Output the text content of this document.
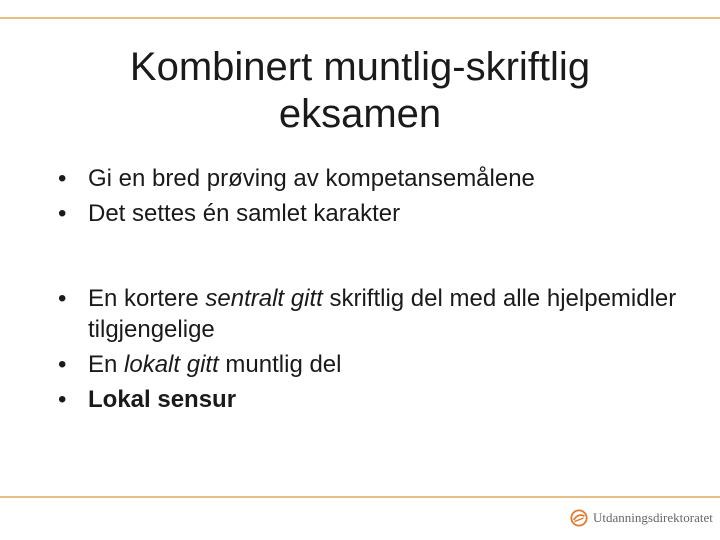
Kombinert muntlig-skriftlig
eksamen
• Gi en bred prøving av kompetansemålene
• Det settes én samlet karakter
• En kortere sentralt gitt skriftlig del med alle hjelpemidler tilgjengelige
• En lokalt gitt muntlig del
• Lokal sensur
Utdanningsdirektoratet
